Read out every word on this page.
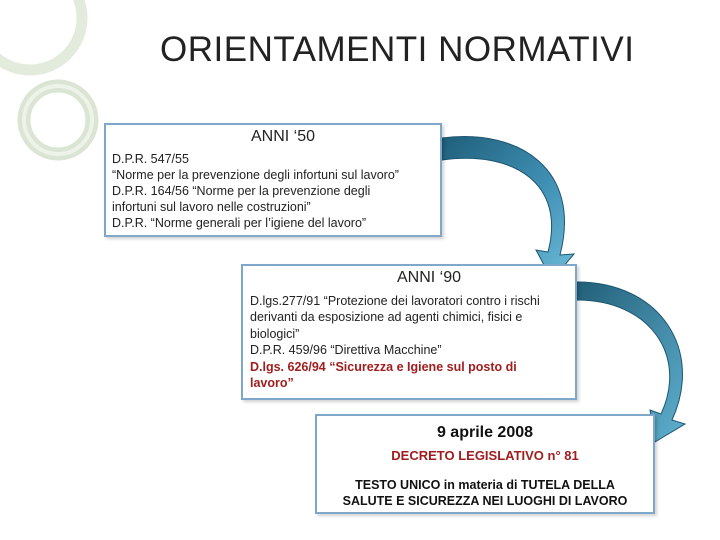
ORIENTAMENTI NORMATIVI
ANNI ‘50
D.P.R. 547/55
“Norme per la prevenzione degli infortuni sul lavoro”
D.P.R. 164/56 “Norme per la prevenzione degli
infortuni sul lavoro nelle costruzioni”
D.P.R. “Norme generali per l’igiene del lavoro”
ANNI ‘90
D.lgs.277/91 “Protezione dei lavoratori contro i rischi
derivanti da esposizione ad agenti chimici, fisici e
biologici”
D.P.R. 459/96 “Direttiva Macchine”
D.lgs. 626/94 “Sicurezza e Igiene sul posto di
lavoro”
9 aprile 2008
DECRETO LEGISLATIVO n° 81
TESTO UNICO in materia di TUTELA DELLA
SALUTE E SICUREZZA NEI LUOGHI DI LAVORO
